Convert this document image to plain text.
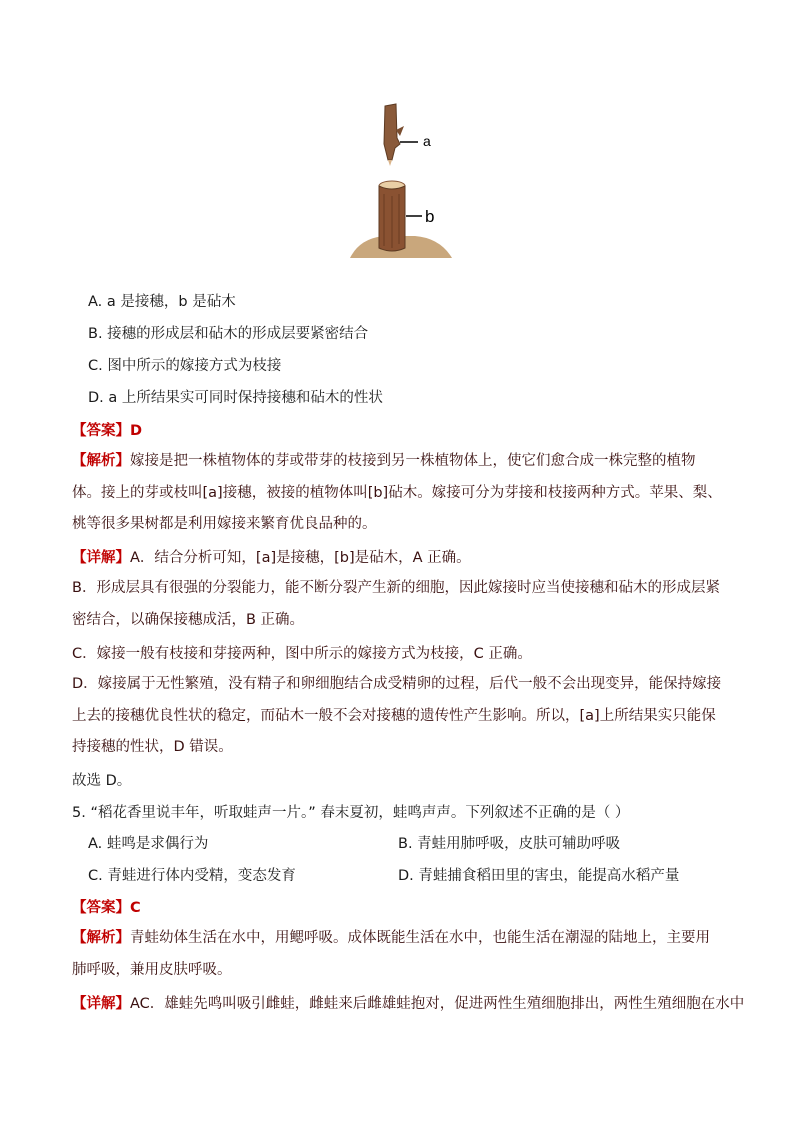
a
b
A. a 是接穗，b 是砧木
B. 接穗的形成层和砧木的形成层要紧密结合
C. 图中所示的嫁接方式为枝接
D. a 上所结果实可同时保持接穗和砧木的性状
【答案】D
【解析】嫁接是把一株植物体的芽或带芽的枝接到另一株植物体上，使它们愈合成一株完整的植物体。接上的芽或枝叫[a]接穗，被接的植物体叫[b]砧木。嫁接可分为芽接和枝接两种方式。苹果、梨、桃等很多果树都是利用嫁接来繁育优良品种的。
【详解】A．结合分析可知，[a]是接穗，[b]是砧木，A 正确。
B．形成层具有很强的分裂能力，能不断分裂产生新的细胞，因此嫁接时应当使接穗和砧木的形成层紧密结合，以确保接穗成活，B 正确。
C．嫁接一般有枝接和芽接两种，图中所示的嫁接方式为枝接，C 正确。
D．嫁接属于无性繁殖，没有精子和卵细胞结合成受精卵的过程，后代一般不会出现变异，能保持嫁接上去的接穗优良性状的稳定，而砧木一般不会对接穗的遗传性产生影响。所以，[a]上所结果实只能保持接穗的性状，D 错误。
故选 D。
5. “稻花香里说丰年，听取蛙声一片。” 春末夏初，蛙鸣声声。下列叙述不正确的是（ ）
A. 蛙鸣是求偶行为	B. 青蛙用肺呼吸，皮肤可辅助呼吸
C. 青蛙进行体内受精，变态发育	D. 青蛙捕食稻田里的害虫，能提高水稻产量
【答案】C
【解析】青蛙幼体生活在水中，用鳃呼吸。成体既能生活在水中，也能生活在潮湿的陆地上，主要用肺呼吸，兼用皮肤呼吸。
【详解】AC．雄蛙先鸣叫吸引雌蛙，雌蛙来后雌雄蛙抱对，促进两性生殖细胞排出，两性生殖细胞在水中
